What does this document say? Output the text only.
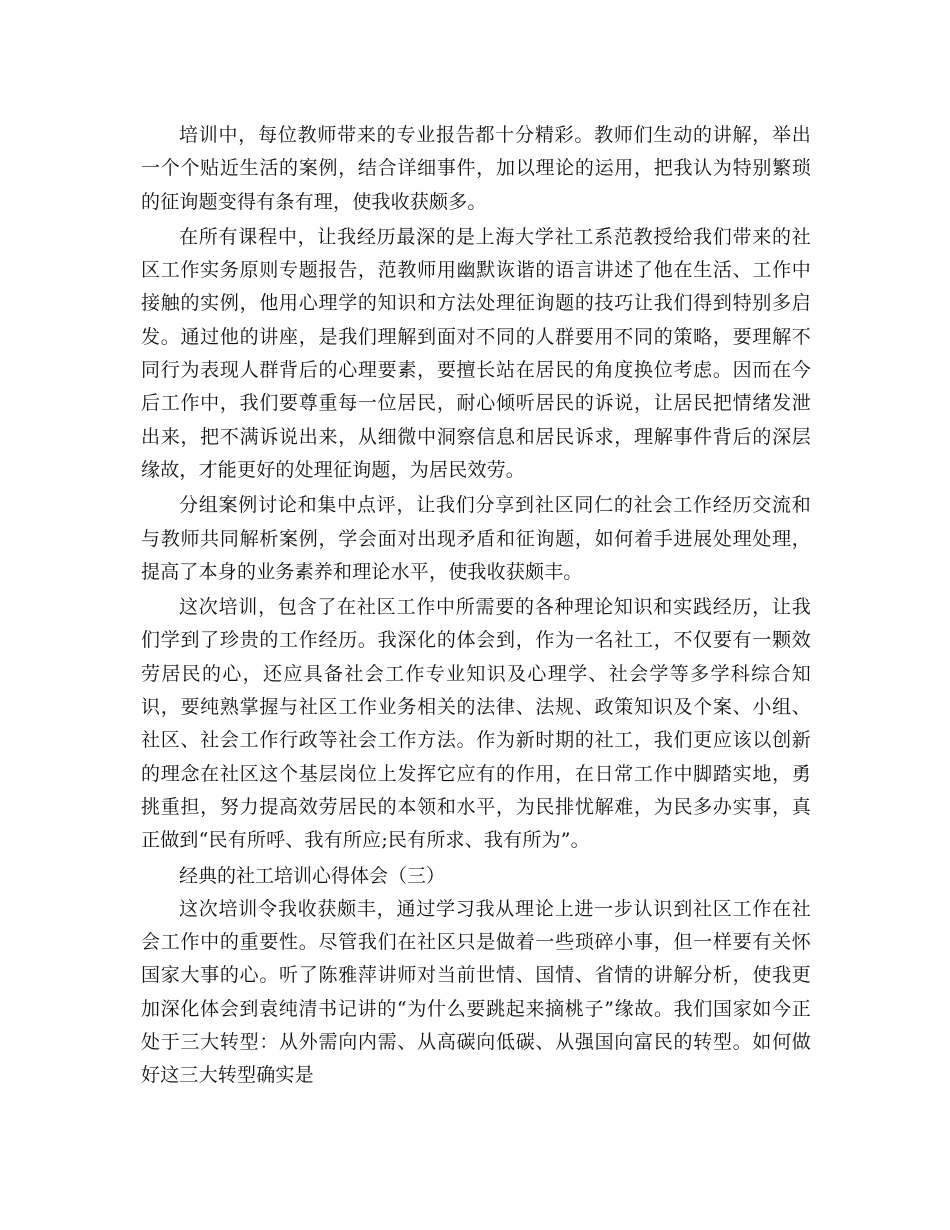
培训中，每位教师带来的专业报告都十分精彩。教师们生动的讲解，举出一个个贴近生活的案例，结合详细事件，加以理论的运用，把我认为特别繁琐的征询题变得有条有理，使我收获颇多。

在所有课程中，让我经历最深的是上海大学社工系范教授给我们带来的社区工作实务原则专题报告，范教师用幽默诙谐的语言讲述了他在生活、工作中接触的实例，他用心理学的知识和方法处理征询题的技巧让我们得到特别多启发。通过他的讲座，是我们理解到面对不同的人群要用不同的策略，要理解不同行为表现人群背后的心理要素，要擅长站在居民的角度换位考虑。因而在今后工作中，我们要尊重每一位居民，耐心倾听居民的诉说，让居民把情绪发泄出来，把不满诉说出来，从细微中洞察信息和居民诉求，理解事件背后的深层缘故，才能更好的处理征询题，为居民效劳。

分组案例讨论和集中点评，让我们分享到社区同仁的社会工作经历交流和与教师共同解析案例，学会面对出现矛盾和征询题，如何着手进展处理处理，提高了本身的业务素养和理论水平，使我收获颇丰。

这次培训，包含了在社区工作中所需要的各种理论知识和实践经历，让我们学到了珍贵的工作经历。我深化的体会到，作为一名社工，不仅要有一颗效劳居民的心，还应具备社会工作专业知识及心理学、社会学等多学科综合知识，要纯熟掌握与社区工作业务相关的法律、法规、政策知识及个案、小组、社区、社会工作行政等社会工作方法。作为新时期的社工，我们更应该以创新的理念在社区这个基层岗位上发挥它应有的作用，在日常工作中脚踏实地，勇挑重担，努力提高效劳居民的本领和水平，为民排忧解难，为民多办实事，真正做到“民有所呼、我有所应;民有所求、我有所为”。

经典的社工培训心得体会（三）

这次培训令我收获颇丰，通过学习我从理论上进一步认识到社区工作在社会工作中的重要性。尽管我们在社区只是做着一些琐碎小事，但一样要有关怀国家大事的心。听了陈雅萍讲师对当前世情、国情、省情的讲解分析，使我更加深化体会到袁纯清书记讲的“为什么要跳起来摘桃子”缘故。我们国家如今正处于三大转型：从外需向内需、从高碳向低碳、从强国向富民的转型。如何做好这三大转型确实是
